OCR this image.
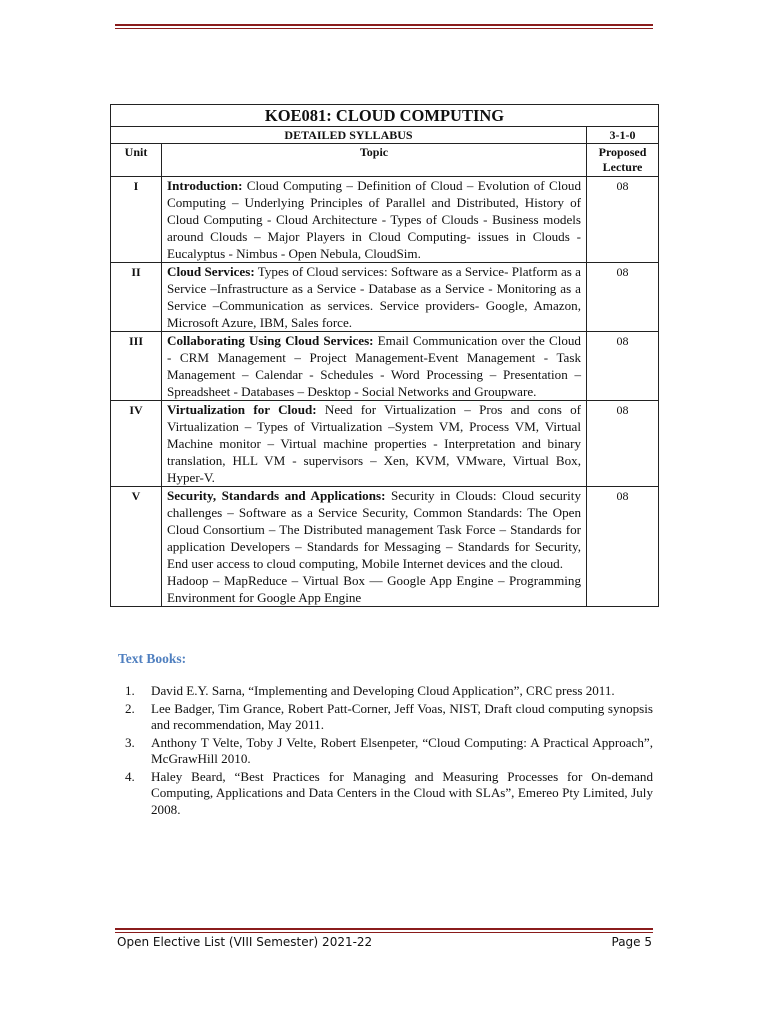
KOE081: CLOUD COMPUTING		
DETAILED SYLLABUS		3-1-0
Unit	Topic	Proposed
Lecture

I	Introduction: Cloud Computing – Definition of Cloud – Evolution of Cloud Computing – Underlying Principles of Parallel and Distributed, History of Cloud Computing - Cloud Architecture - Types of Clouds - Business models around Clouds – Major Players in Cloud Computing- issues in Clouds - Eucalyptus - Nimbus - Open Nebula, CloudSim.	08
II	Cloud Services: Types of Cloud services: Software as a Service- Platform as a Service –Infrastructure as a Service - Database as a Service - Monitoring as a Service –Communication as services. Service providers- Google, Amazon, Microsoft Azure, IBM, Sales force.	08
III	Collaborating Using Cloud Services: Email Communication over the Cloud - CRM Management – Project Management-Event Management - Task Management – Calendar - Schedules - Word Processing – Presentation – Spreadsheet - Databases – Desktop - Social Networks and Groupware.	08
IV	Virtualization for Cloud: Need for Virtualization – Pros and cons of Virtualization – Types of Virtualization –System VM, Process VM, Virtual Machine monitor – Virtual machine properties - Interpretation and binary translation, HLL VM - supervisors – Xen, KVM, VMware, Virtual Box, Hyper-V.	08
V	Security, Standards and Applications: Security in Clouds: Cloud security challenges – Software as a Service Security, Common Standards: The Open Cloud Consortium – The Distributed management Task Force – Standards for application Developers – Standards for Messaging – Standards for Security, End user access to cloud computing, Mobile Internet devices and the cloud.
Hadoop – MapReduce – Virtual Box — Google App Engine – Programming Environment for Google App Engine	08
Text Books:
1. David E.Y. Sarna, “Implementing and Developing Cloud Application”, CRC press 2011.
2. Lee Badger, Tim Grance, Robert Patt-Corner, Jeff Voas, NIST, Draft cloud computing synopsis and recommendation, May 2011.
3. Anthony T Velte, Toby J Velte, Robert Elsenpeter, “Cloud Computing: A Practical Approach”, McGrawHill 2010.
4. Haley Beard, “Best Practices for Managing and Measuring Processes for On-demand Computing, Applications and Data Centers in the Cloud with SLAs”, Emereo Pty Limited, July 2008.
Open Elective List (VIII Semester) 2021-22	Page 5
